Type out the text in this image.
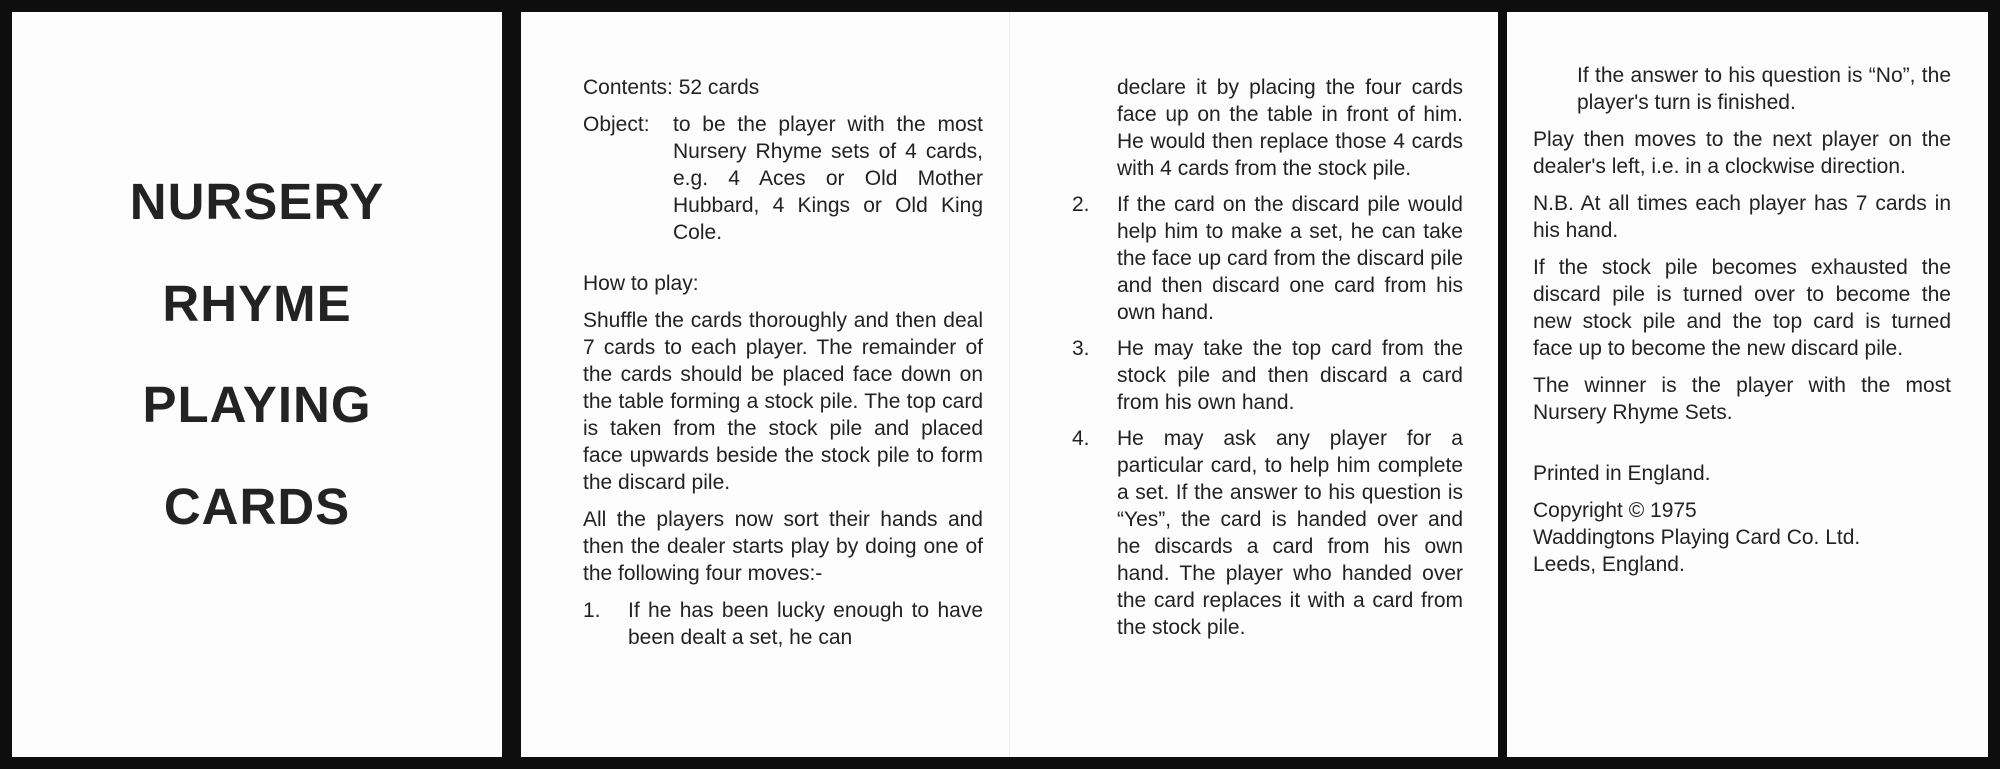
NURSERY
RHYME
PLAYING
CARDS

Contents: 52 cards

Object:	to be the player with the most Nursery Rhyme sets of 4 cards, e.g. 4 Aces or Old Mother Hubbard, 4 Kings or Old King Cole.

How to play:

Shuffle the cards thoroughly and then deal 7 cards to each player. The remainder of the cards should be placed face down on the table forming a stock pile. The top card is taken from the stock pile and placed face upwards beside the stock pile to form the discard pile.

All the players now sort their hands and then the dealer starts play by doing one of the following four moves:-

1.	If he has been lucky enough to have been dealt a set, he can
declare it by placing the four cards face up on the table in front of him. He would then replace those 4 cards with 4 cards from the stock pile.
2.	If the card on the discard pile would help him to make a set, he can take the face up card from the discard pile and then discard one card from his own hand.
3.	He may take the top card from the stock pile and then discard a card from his own hand.
4.	He may ask any player for a particular card, to help him complete a set. If the answer to his question is “Yes”, the card is handed over and he discards a card from his own hand. The player who handed over the card replaces it with a card from the stock pile.
If the answer to his question is “No”, the player's turn is finished.

Play then moves to the next player on the dealer's left, i.e. in a clockwise direction.

N.B. At all times each player has 7 cards in his hand.

If the stock pile becomes exhausted the discard pile is turned over to become the new stock pile and the top card is turned face up to become the new discard pile.

The winner is the player with the most Nursery Rhyme Sets.

Printed in England.
Copyright © 1975
Waddingtons Playing Card Co. Ltd.
Leeds, England.
